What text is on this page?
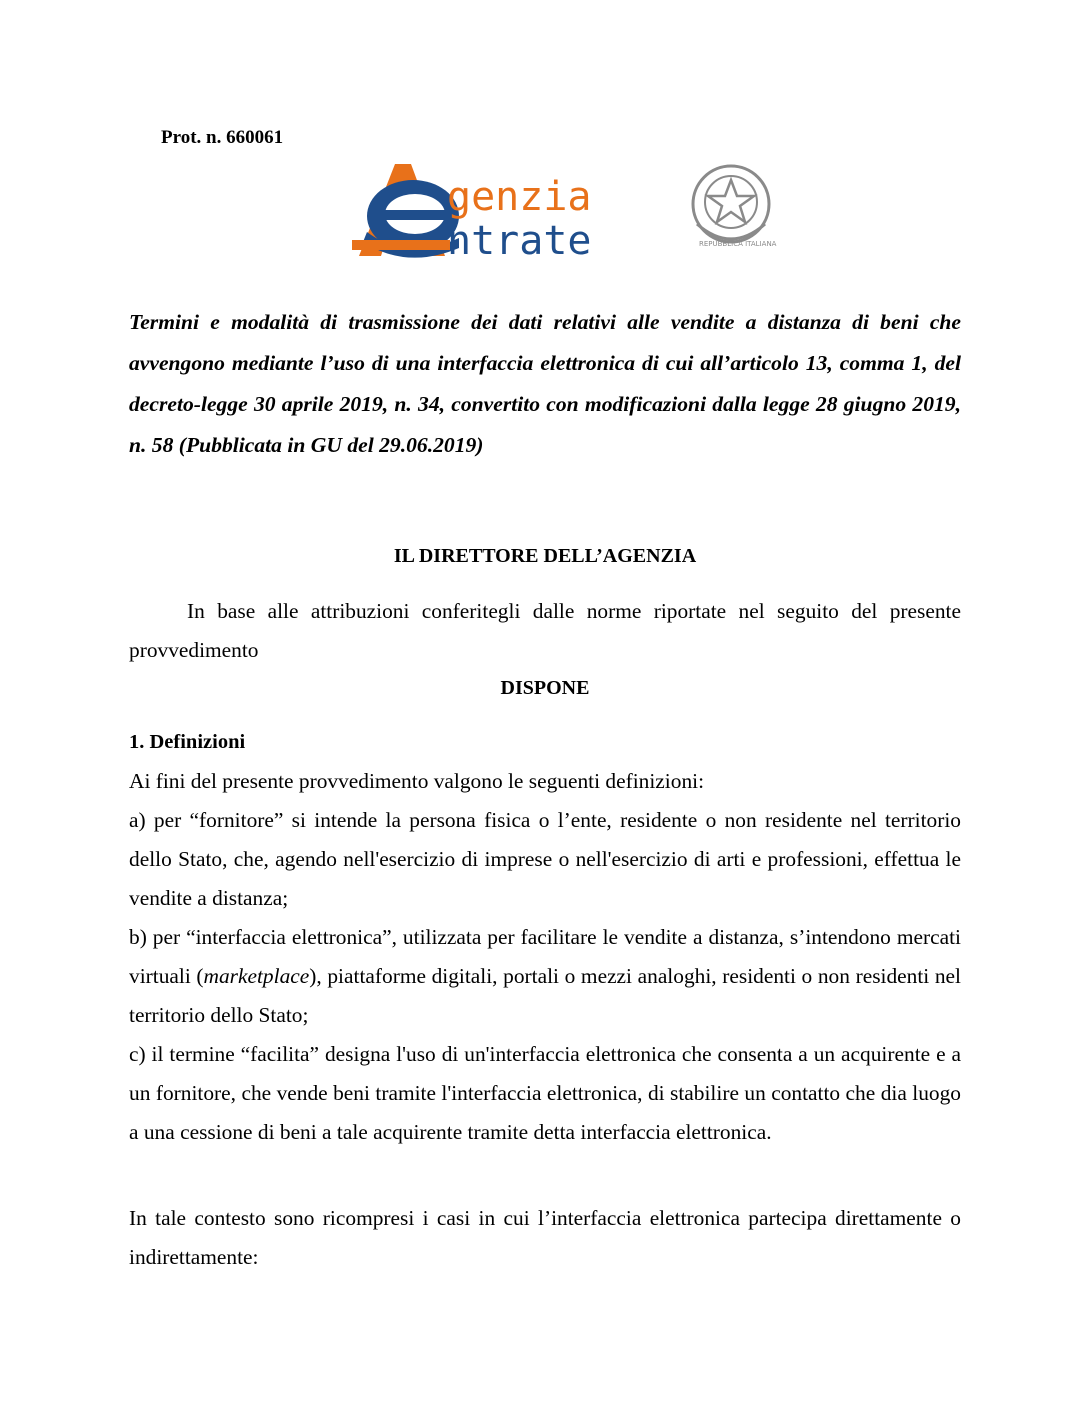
Prot. n. 660061
genzia
ntrate	REPUBBLICA ITALIANA
Termini e modalità di trasmissione dei dati relativi alle vendite a distanza di beni che avvengono mediante l’uso di una interfaccia elettronica di cui all’articolo 13, comma 1, del decreto-legge 30 aprile 2019, n. 34, convertito con modificazioni dalla legge 28 giugno 2019, n. 58 (Pubblicata in GU del 29.06.2019)
IL DIRETTORE DELL’AGENZIA
In base alle attribuzioni conferitegli dalle norme riportate nel seguito del presente provvedimento
DISPONE
1. Definizioni
Ai fini del presente provvedimento valgono le seguenti definizioni:
a) per “fornitore” si intende la persona fisica o l’ente, residente o non residente nel territorio dello Stato, che, agendo nell'esercizio di imprese o nell'esercizio di arti e professioni, effettua le vendite a distanza;
b) per “interfaccia elettronica”, utilizzata per facilitare le vendite a distanza, s’intendono mercati virtuali (marketplace), piattaforme digitali, portali o mezzi analoghi, residenti o non residenti nel territorio dello Stato;
c) il termine “facilita” designa l'uso di un'interfaccia elettronica che consenta a un acquirente e a un fornitore, che vende beni tramite l'interfaccia elettronica, di stabilire un contatto che dia luogo a una cessione di beni a tale acquirente tramite detta interfaccia elettronica.
In tale contesto sono ricompresi i casi in cui l’interfaccia elettronica partecipa direttamente o indirettamente:
